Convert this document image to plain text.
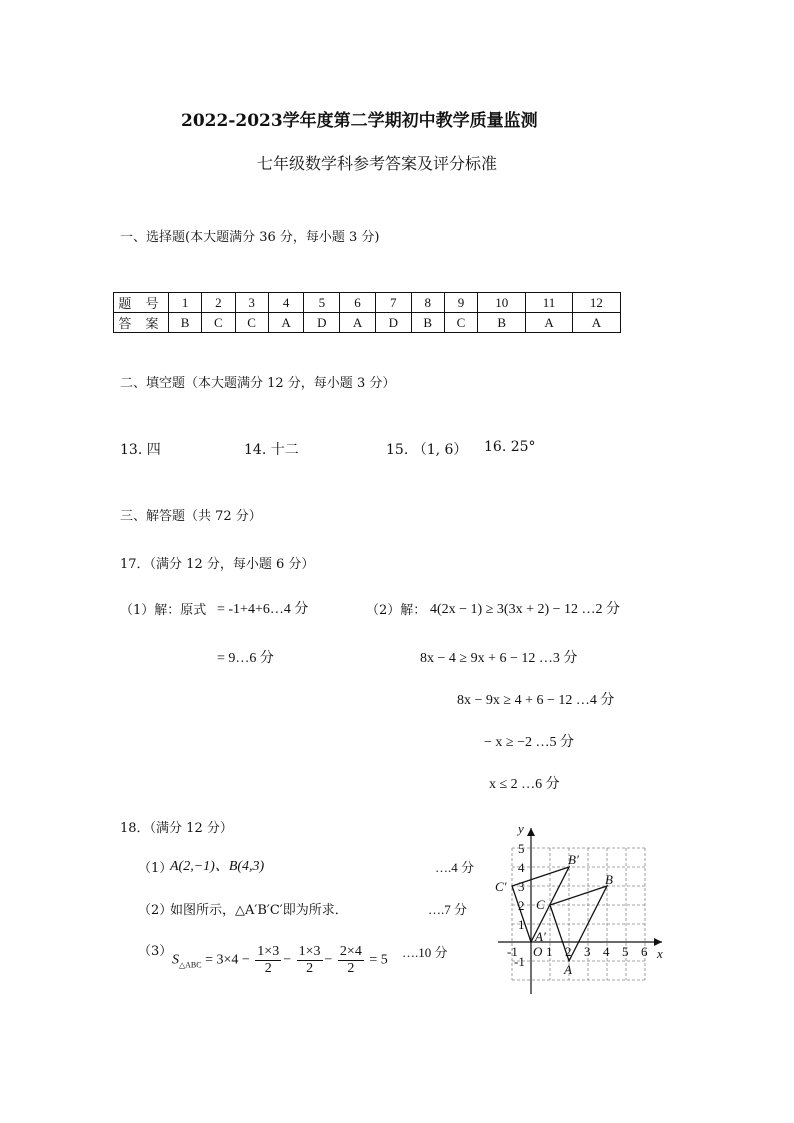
2022-2023学年度第二学期初中教学质量监测
七年级数学科参考答案及评分标准
一、选择题(本大题满分 36 分，每小题 3 分)
题 号	1	2	3	4	5	6	7	8	9	10	11	12
答 案	B	C	C	A	D	A	D	B	C	B	A	A
二、填空题（本大题满分 12 分，每小题 3 分）
13. 四	14. 十二	15. （1, 6） 16. 25°
三、解答题（共 72 分）
17．（满分 12 分，每小题 6 分）
（1）解：原式 = -1+4+6…4 分
= 9…6 分
（2）解： 4(2x − 1) ≥ 3(3x + 2) − 12 …2 分
8x − 4 ≥ 9x + 6 − 12 …3 分
8x − 9x ≥ 4 + 6 − 12 …4 分
− x ≥ −2 …5 分
x ≤ 2 …6 分
18．（满分 12 分）
（1）
A(2,−1)、B(4,3)	….4 分
（2）
如图所示，△A′B′C′即为所求．	….7 分
（3）
$S_{\triangle ABC} = 3\times 4 - \frac{1\times 3}{2} - \frac{1\times 3}{2} - \frac{2\times 4}{2} = 5$
….10 分	x
y
-1 O 1 2 3 4 5 6
5
4
3
2
1
-1
A
B
C
A′
B′
C′
